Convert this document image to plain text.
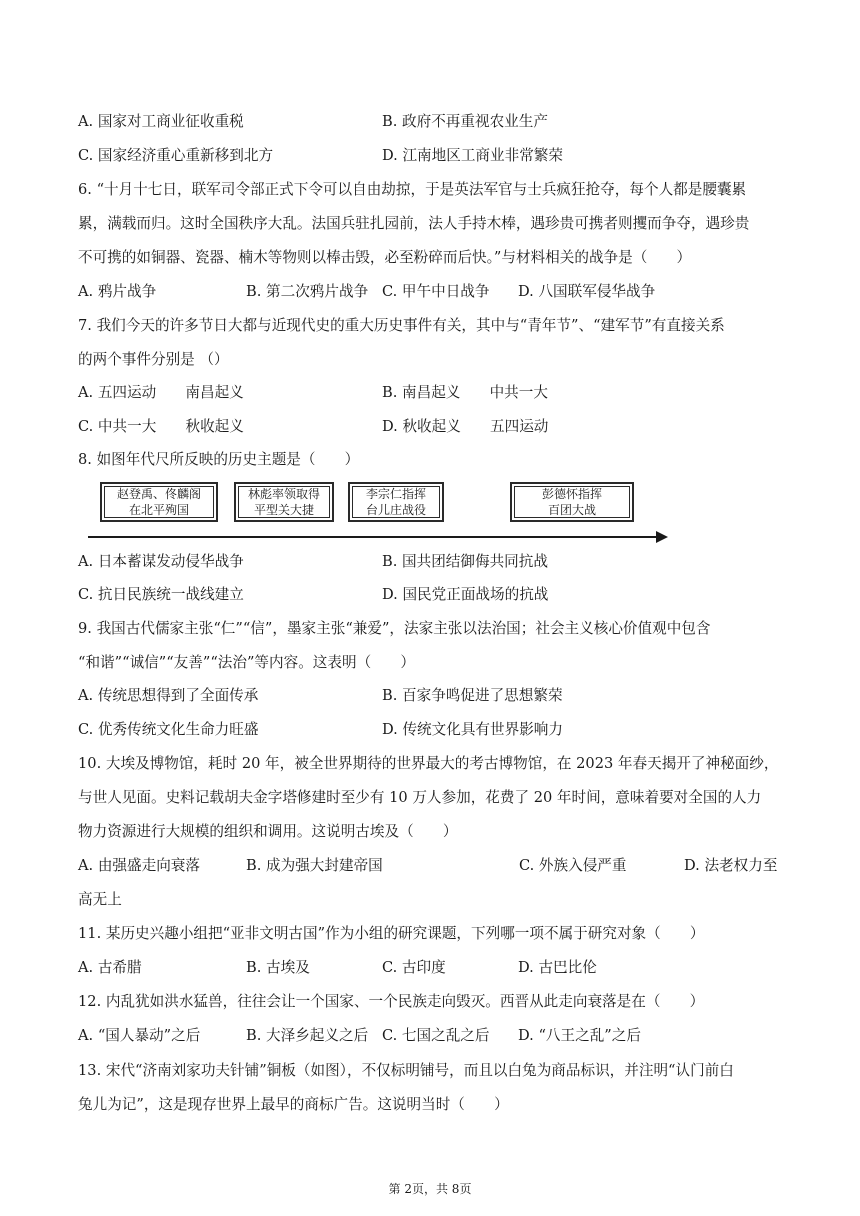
A. 国家对工商业征收重税	B. 政府不再重视农业生产
C. 国家经济重心重新移到北方	D. 江南地区工商业非常繁荣
6. “十月十七日，联军司令部正式下令可以自由劫掠，于是英法军官与士兵疯狂抢夺，每个人都是腰囊累
累，满载而归。这时全国秩序大乱。法国兵驻扎园前，法人手持木棒，遇珍贵可携者则攫而争夺，遇珍贵
不可携的如铜器、瓷器、楠木等物则以棒击毁，必至粉碎而后快。”与材料相关的战争是（　　）
A. 鸦片战争	B. 第二次鸦片战争 C. 甲午中日战争 D. 八国联军侵华战争
7. 我们今天的许多节日大都与近现代史的重大历史事件有关，其中与“青年节”、“建军节”有直接关系
的两个事件分别是 （）
A. 五四运动　　南昌起义	B. 南昌起义　　中共一大
C. 中共一大　　秋收起义	D. 秋收起义　　五四运动
8. 如图年代尺所反映的历史主题是（　　）
赵登禹、佟麟阁
在北平殉国
林彪率领取得
平型关大捷
李宗仁指挥
台儿庄战役
彭德怀指挥
百团大战
A. 日本蓄谋发动侵华战争	B. 国共团结御侮共同抗战
C. 抗日民族统一战线建立	D. 国民党正面战场的抗战
9. 我国古代儒家主张“仁”“信”，墨家主张“兼爱”，法家主张以法治国；社会主义核心价值观中包含
“和谐”“诚信”“友善”“法治”等内容。这表明（　　）
A. 传统思想得到了全面传承	B. 百家争鸣促进了思想繁荣
C. 优秀传统文化生命力旺盛	D. 传统文化具有世界影响力
10. 大埃及博物馆，耗时 20 年，被全世界期待的世界最大的考古博物馆，在 2023 年春天揭开了神秘面纱，
与世人见面。史料记载胡夫金字塔修建时至少有 10 万人参加，花费了 20 年时间，意味着要对全国的人力
物力资源进行大规模的组织和调用。这说明古埃及（　　）
A. 由强盛走向衰落	B. 成为强大封建帝国	C. 外族入侵严重	D. 法老权力至
高无上
11. 某历史兴趣小组把“亚非文明古国”作为小组的研究课题，下列哪一项不属于研究对象（　　）
A. 古希腊	B. 古埃及	C. 古印度	D. 古巴比伦
12. 内乱犹如洪水猛兽，往往会让一个国家、一个民族走向毁灭。西晋从此走向衰落是在（　　）
A. “国人暴动”之后	B. 大泽乡起义之后 C. 七国之乱之后 D. “八王之乱”之后
13. 宋代“济南刘家功夫针铺”铜板（如图），不仅标明铺号，而且以白兔为商品标识，并注明“认门前白
兔儿为记”，这是现存世界上最早的商标广告。这说明当时（　　）
第 2页，共 8页
